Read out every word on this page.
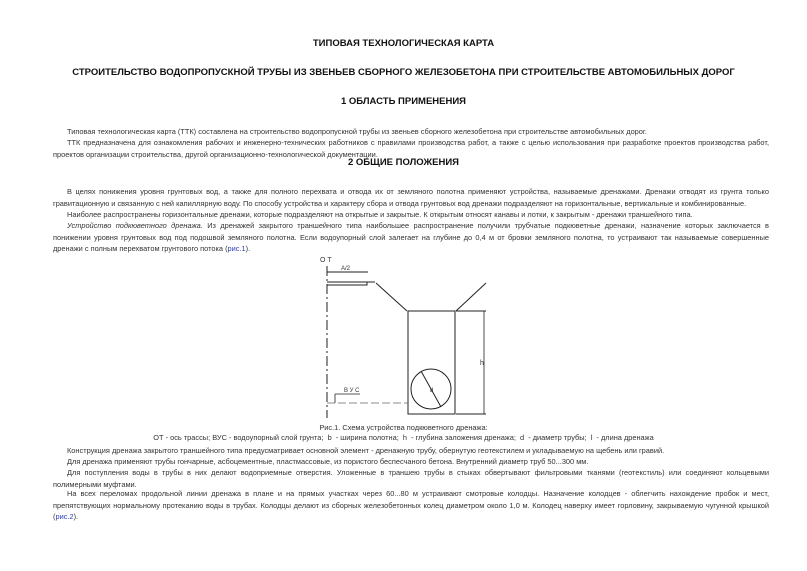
ТИПОВАЯ ТЕХНОЛОГИЧЕСКАЯ КАРТА
СТРОИТЕЛЬСТВО ВОДОПРОПУСКНОЙ ТРУБЫ ИЗ ЗВЕНЬЕВ СБОРНОГО ЖЕЛЕЗОБЕТОНА ПРИ СТРОИТЕЛЬСТВЕ АВТОМОБИЛЬНЫХ ДОРОГ
1 ОБЛАСТЬ ПРИМЕНЕНИЯ
Типовая технологическая карта (ТТК) составлена на строительство водопропускной трубы из звеньев сборного железобетона при строительстве автомобильных дорог.
ТТК предназначена для ознакомления рабочих и инженерно-технических работников с правилами производства работ, а также с целью использования при разработке проектов производства работ, проектов организации строительства, другой организационно-технологической документации.
2 ОБЩИЕ ПОЛОЖЕНИЯ
В целях понижения уровня грунтовых вод, а также для полного перехвата и отвода их от земляного полотна применяют устройства, называемые дренажами. Дренажи отводят из грунта только гравитационную и связанную с ней капиллярную воду. По способу устройства и характеру сбора и отвода грунтовых вод дренажи подразделяют на горизонтальные, вертикальные и комбинированные.
Наиболее распространены горизонтальные дренажи, которые подразделяют на открытые и закрытые. К открытым относят канавы и лотки, к закрытым - дренажи траншейного типа.
Устройство подкюветного дренажа. Из дренажей закрытого траншейного типа наибольшее распространение получили трубчатые подкюветные дренажи, назначение которых заключается в понижении уровня грунтовых вод под подошвой земляного полотна. Если водоупорный слой залегает на глубине до 0,4 м от бровки земляного полотна, то устраивают так называемые совершенные дренажи с полным перехватом грунтового потока (рис.1).
О Т
А/2
h
d
В У С
Рис.1. Схема устройства подкюветного дренажа:
ОТ - ось трассы; ВУС - водоупорный слой грунта;  b  - ширина полотна;  h  - глубина заложения дренажа;  d  - диаметр трубы;  l  - длина дренажа
Конструкция дренажа закрытого траншейного типа предусматривает основной элемент - дренажную трубу, обернутую геотекстилем и укладываемую на щебень или гравий.
Для дренажа применяют трубы гончарные, асбоцементные, пластмассовые, из пористого беспесчаного бетона. Внутренний диаметр труб 50...300 мм.
Для поступления воды в трубы в них делают водоприемные отверстия. Уложенные в траншею трубы в стыках обвертывают фильтровыми тканями (геотекстиль) или соединяют кольцевыми полимерными муфтами.
На всех переломах продольной линии дренажа в плане и на прямых участках через 60...80 м устраивают смотровые колодцы. Назначение колодцев - облегчить нахождение пробок и мест, препятствующих нормальному протеканию воды в трубах. Колодцы делают из сборных железобетонных колец диаметром около 1,0 м. Колодец наверху имеет горловину, закрываемую чугунной крышкой (рис.2).
